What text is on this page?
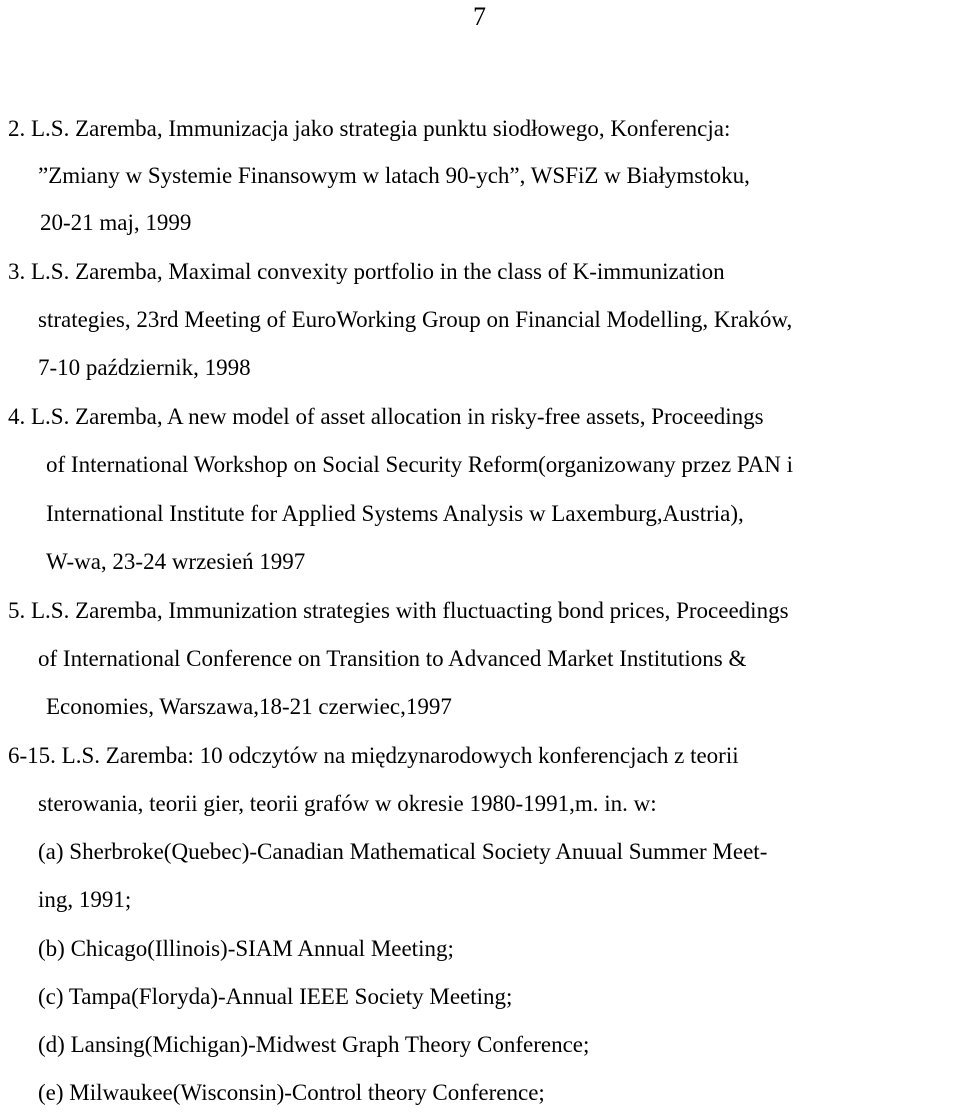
7
2. L.S. Zaremba, Immunizacja jako strategia punktu siodłowego, Konferencja:
”Zmiany w Systemie Finansowym w latach 90-ych”, WSFiZ w Białymstoku,
20-21 maj, 1999
3. L.S. Zaremba, Maximal convexity portfolio in the class of K-immunization
strategies, 23rd Meeting of EuroWorking Group on Financial Modelling, Kraków,
7-10 październik, 1998
4. L.S. Zaremba, A new model of asset allocation in risky-free assets, Proceedings
of International Workshop on Social Security Reform(organizowany przez PAN i
International Institute for Applied Systems Analysis w Laxemburg,Austria),
W-wa, 23-24 wrzesień 1997
5. L.S. Zaremba, Immunization strategies with fluctuacting bond prices, Proceedings
of International Conference on Transition to Advanced Market Institutions &
Economies, Warszawa,18-21 czerwiec,1997
6-15. L.S. Zaremba: 10 odczytów na międzynarodowych konferencjach z teorii
sterowania, teorii gier, teorii grafów w okresie 1980-1991,m. in. w:
(a) Sherbroke(Quebec)-Canadian Mathematical Society Anuual Summer Meet-
ing, 1991;
(b) Chicago(Illinois)-SIAM Annual Meeting;
(c) Tampa(Floryda)-Annual IEEE Society Meeting;
(d) Lansing(Michigan)-Midwest Graph Theory Conference;
(e) Milwaukee(Wisconsin)-Control theory Conference;
